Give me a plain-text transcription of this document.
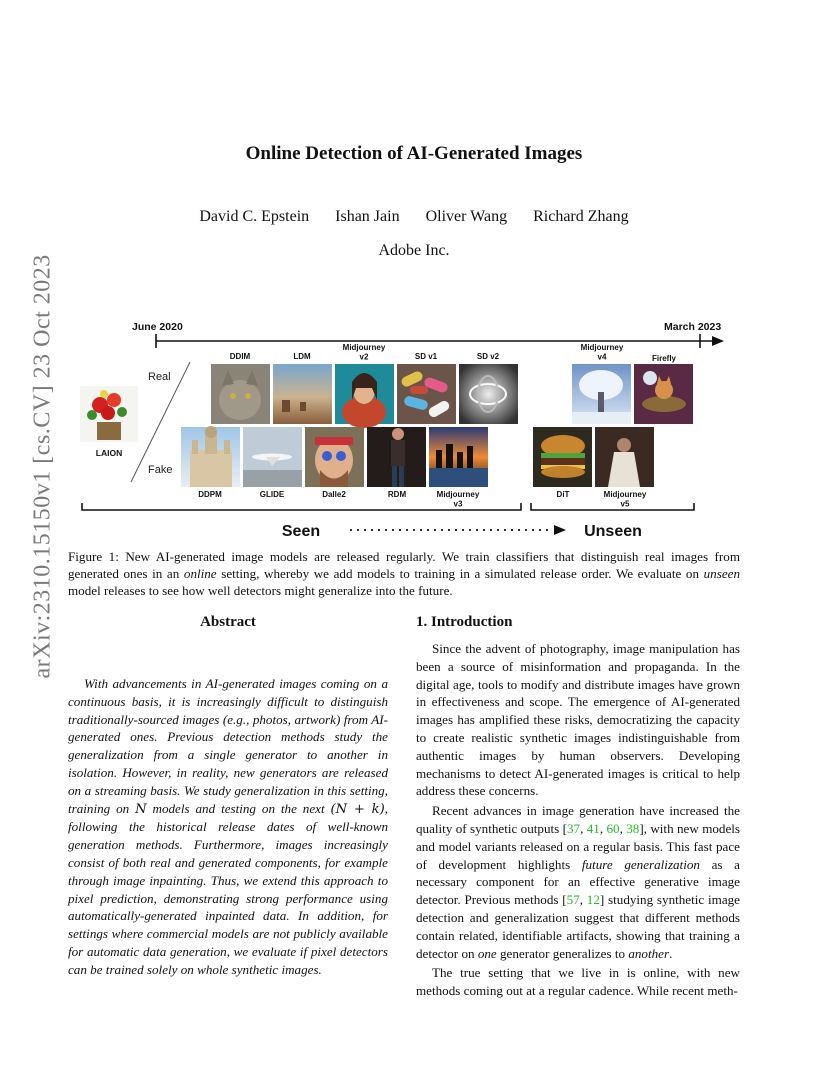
arXiv:2310.15150v1 [cs.CV] 23 Oct 2023
Online Detection of AI-Generated Images
David C. Epstein Ishan Jain Oliver Wang Richard Zhang
Adobe Inc.
June 2020	March 2023
Real
Fake
LAION
DDIM	LDM
Midjourney v2	SD v1	SD v2
DDPM	GLIDE	Dalle2	RDM	Midjourney v3
Midjourney v4	Firefly
DiT	Midjourney v5
Seen	Unseen
Figure 1: New AI-generated image models are released regularly. We train classifiers that distinguish real images from generated ones in an online setting, whereby we add models to training in a simulated release order. We evaluate on unseen model releases to see how well detectors might generalize into the future.
Abstract
With advancements in AI-generated images coming on a continuous basis, it is increasingly difficult to distinguish traditionally-sourced images (e.g., photos, artwork) from AI-generated ones. Previous detection methods study the generalization from a single generator to another in isolation. However, in reality, new generators are released on a streaming basis. We study generalization in this setting, training on N models and testing on the next (N + k), following the historical release dates of well-known generation methods. Furthermore, images increasingly consist of both real and generated components, for example through image inpainting. Thus, we extend this approach to pixel prediction, demonstrating strong performance using automatically-generated inpainted data. In addition, for settings where commercial models are not publicly available for automatic data generation, we evaluate if pixel detectors can be trained solely on whole synthetic images.
1. Introduction

Since the advent of photography, image manipulation has been a source of misinformation and propaganda. In the digital age, tools to modify and distribute images have grown in effectiveness and scope. The emergence of AI-generated images has amplified these risks, democratizing the capacity to create realistic synthetic images indistinguishable from authentic images by human observers. Developing mechanisms to detect AI-generated images is critical to help address these concerns.

Recent advances in image generation have increased the quality of synthetic outputs [37, 41, 60, 38], with new models and model variants released on a regular basis. This fast pace of development highlights future generalization as a necessary component for an effective generative image detector. Previous methods [57, 12] studying synthetic image detection and generalization suggest that different methods contain related, identifiable artifacts, showing that training a detector on one generator generalizes to another.

The true setting that we live in is online, with new methods coming out at a regular cadence. While recent meth-
